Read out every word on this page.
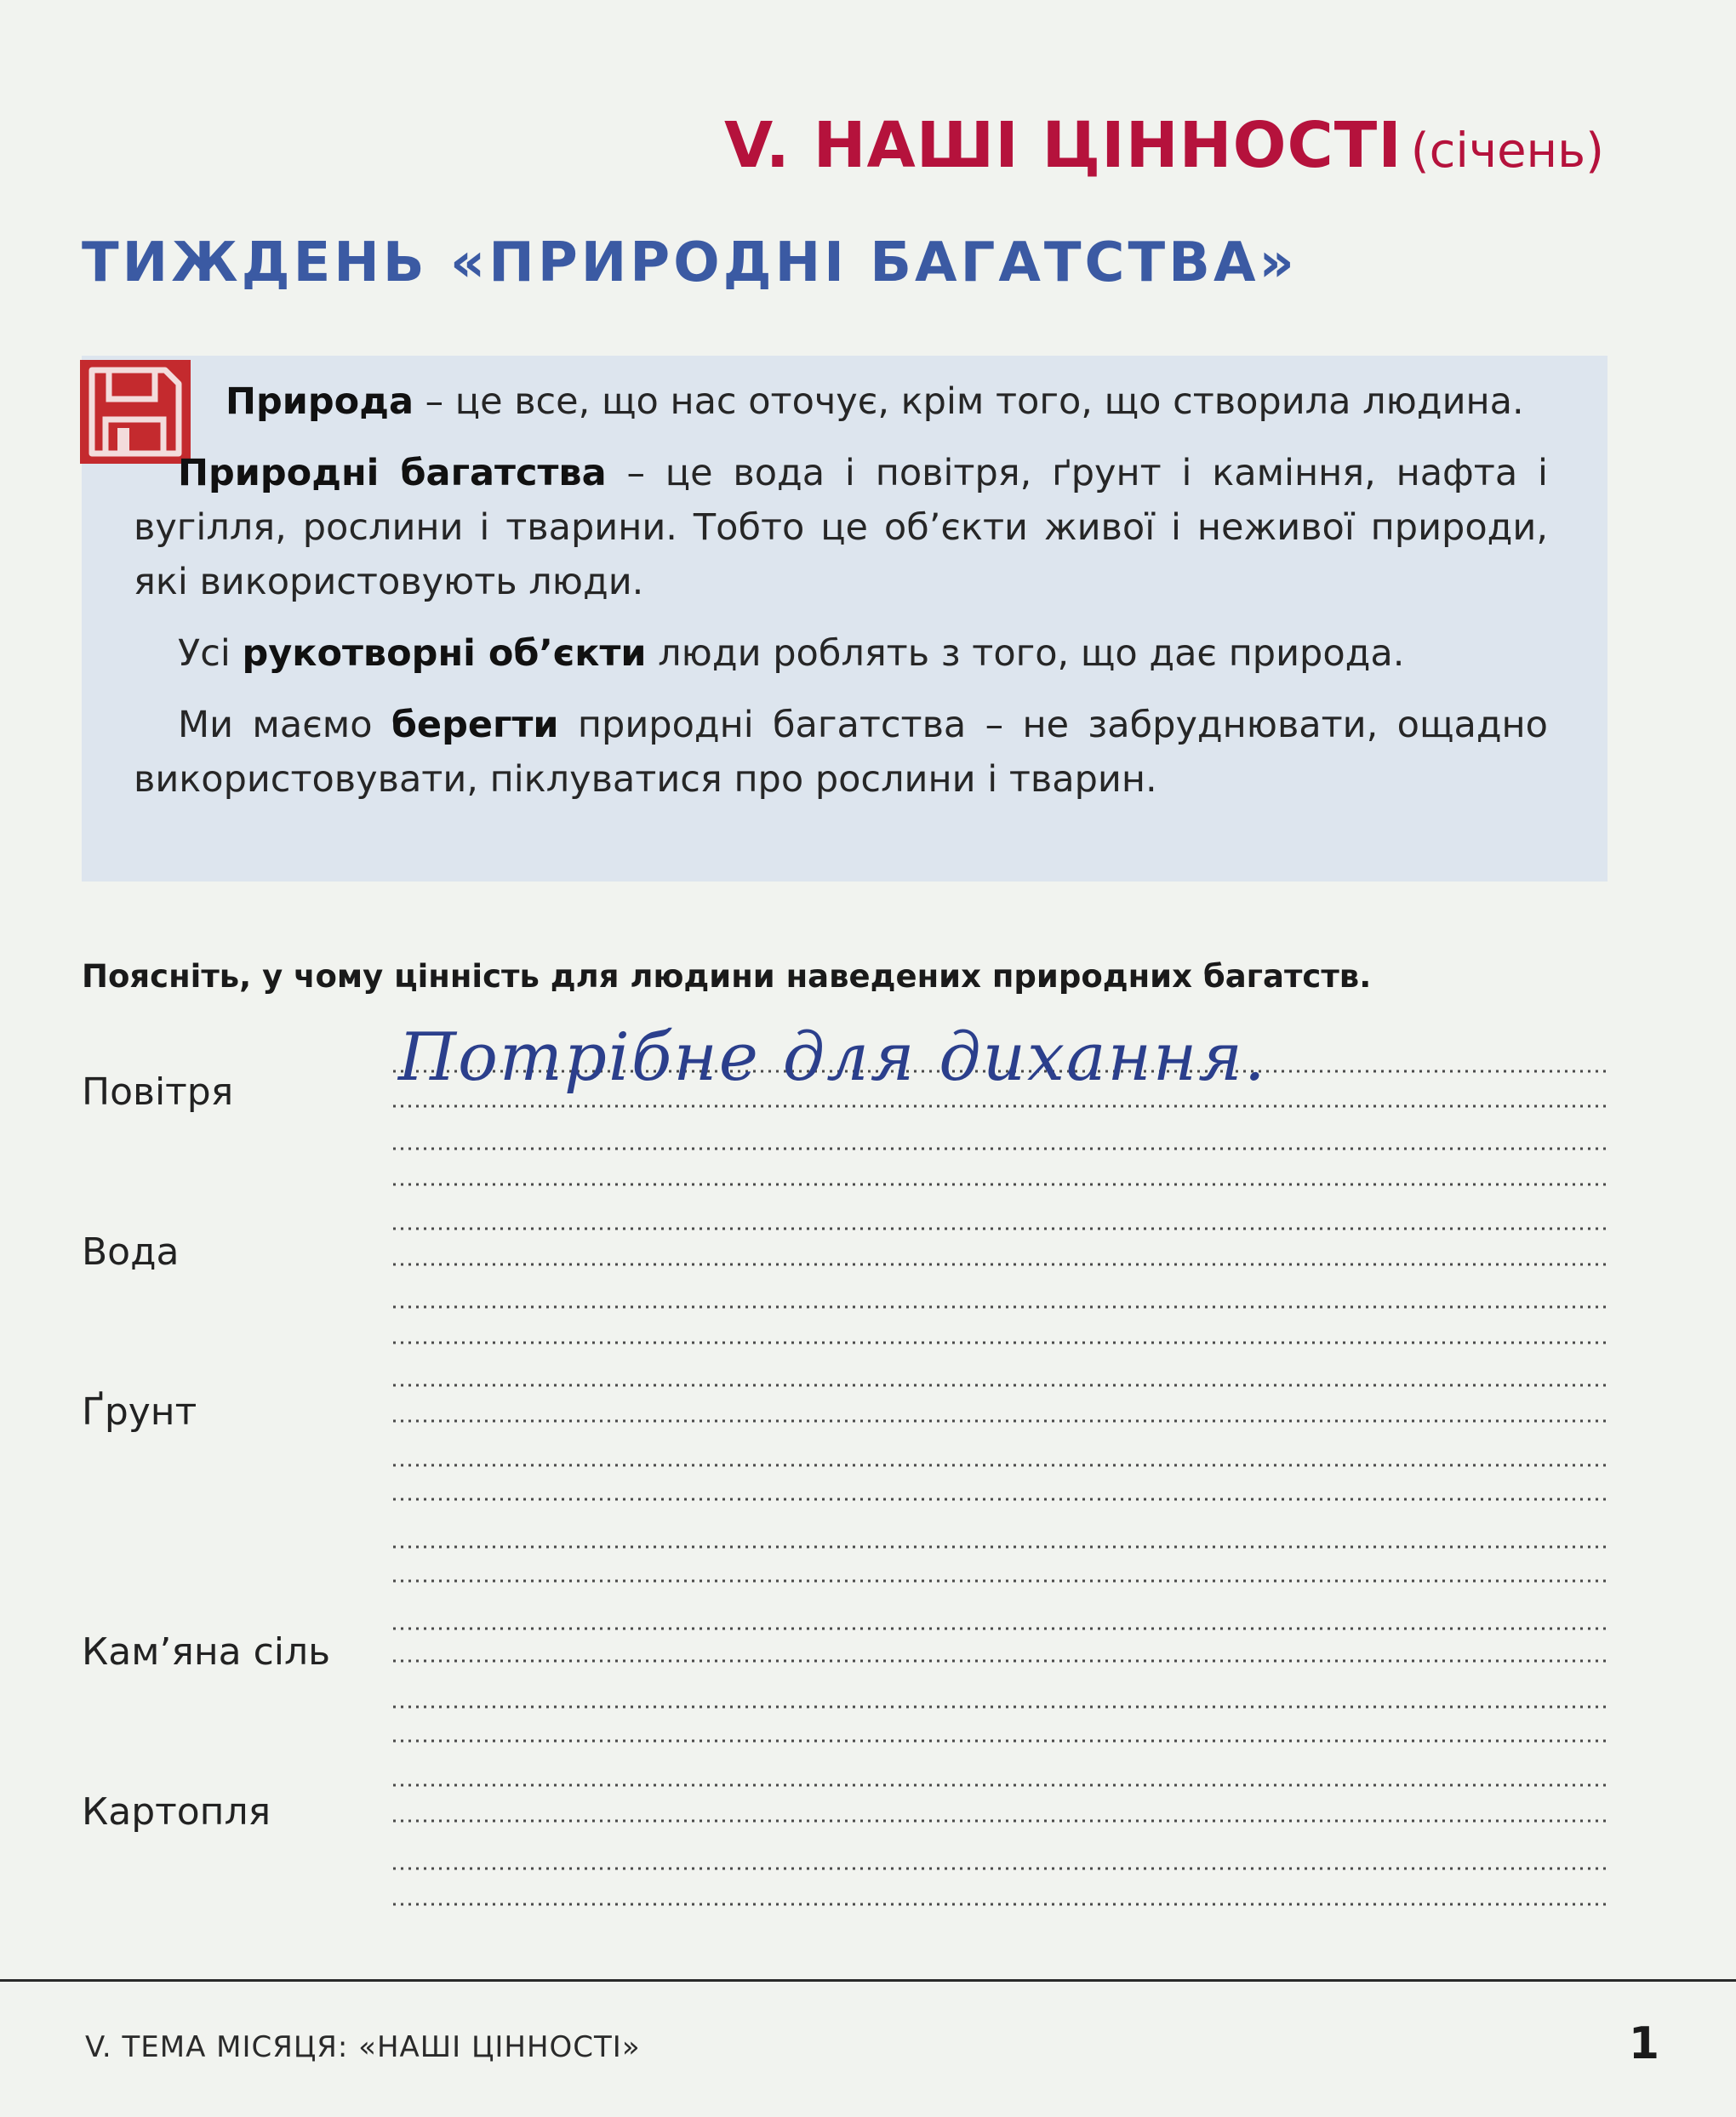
V. НАШІ ЦІННОСТІ (січень)
ТИЖДЕНЬ «ПРИРОДНІ БАГАТСТВА»

Природа – це все, що нас оточує, крім того, що створила людина.

Природні багатства – це вода і повітря, ґрунт і каміння, нафта і вугілля, рослини і тварини. Тобто це об’єкти живої і неживої природи, які використовують люди.

Усі рукотворні об’єкти люди роблять з того, що дає природа.

Ми маємо берегти природні багатства – не забруднювати, ощадно використовувати, піклуватися про рослини і тварин.

Поясніть, у чому цінність для людини наведених природних багатств.
Повітря
Вода
Ґрунт
Кам’яна сіль
Картопля
Потрібне для дихання.
V. ТЕМА МІСЯЦЯ: «НАШІ ЦІННОСТІ»	1
